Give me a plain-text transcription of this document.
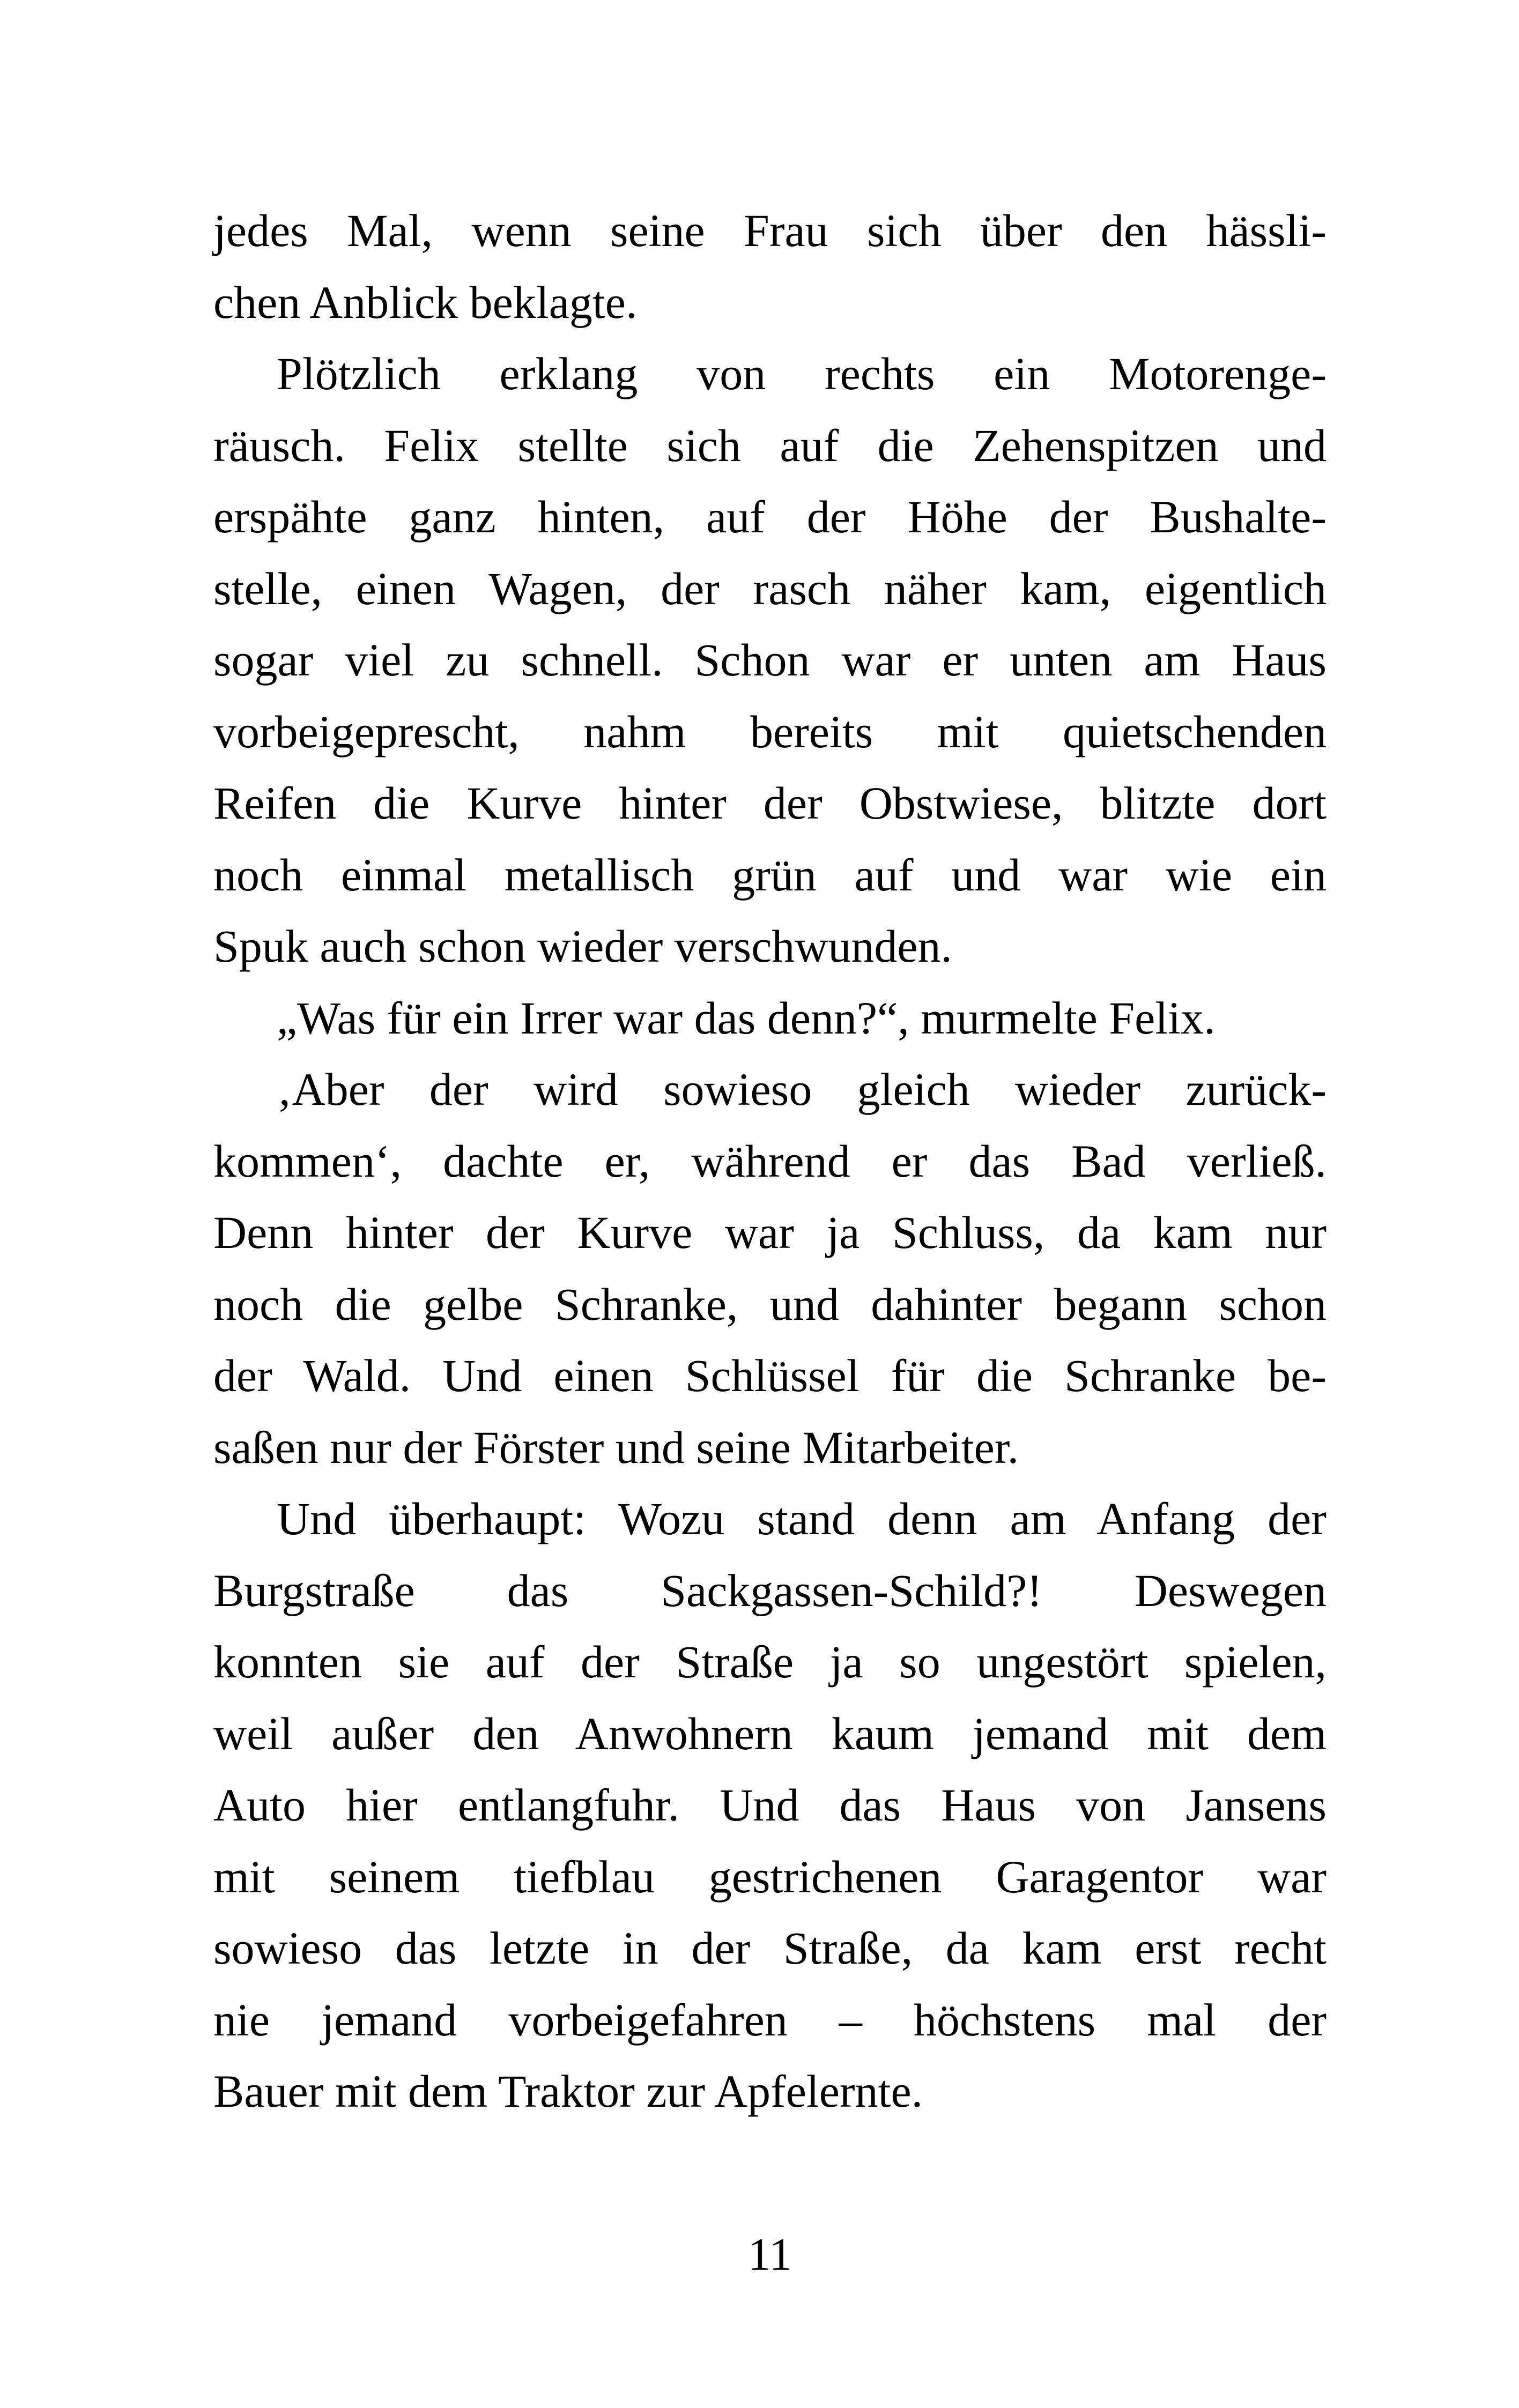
jedes Mal, wenn seine Frau sich über den hässli-
chen Anblick beklagte.
Plötzlich erklang von rechts ein Motorenge-
räusch. Felix stellte sich auf die Zehenspitzen und
erspähte ganz hinten, auf der Höhe der Bushalte-
stelle, einen Wagen, der rasch näher kam, eigentlich
sogar viel zu schnell. Schon war er unten am Haus
vorbeigeprescht, nahm bereits mit quietschenden
Reifen die Kurve hinter der Obstwiese, blitzte dort
noch einmal metallisch grün auf und war wie ein
Spuk auch schon wieder verschwunden.
„Was für ein Irrer war das denn?“, murmelte Felix.
‚Aber der wird sowieso gleich wieder zurück-
kommen‘, dachte er, während er das Bad verließ.
Denn hinter der Kurve war ja Schluss, da kam nur
noch die gelbe Schranke, und dahinter begann schon
der Wald. Und einen Schlüssel für die Schranke be-
saßen nur der Förster und seine Mitarbeiter.
Und überhaupt: Wozu stand denn am Anfang der
Burgstraße das Sackgassen-Schild?! Deswegen
konnten sie auf der Straße ja so ungestört spielen,
weil außer den Anwohnern kaum jemand mit dem
Auto hier entlangfuhr. Und das Haus von Jansens
mit seinem tiefblau gestrichenen Garagentor war
sowieso das letzte in der Straße, da kam erst recht
nie jemand vorbeigefahren – höchstens mal der
Bauer mit dem Traktor zur Apfelernte.
11
